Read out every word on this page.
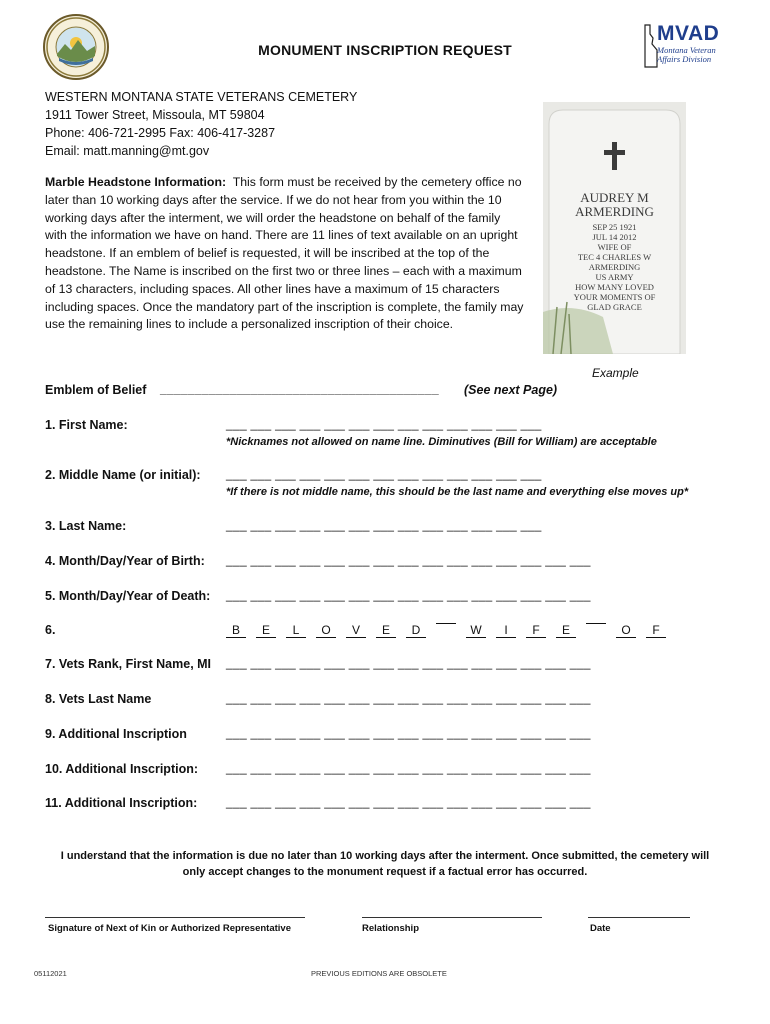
MONUMENT INSCRIPTION REQUEST
MVAD
Montana Veteran
Affairs Division
WESTERN MONTANA STATE VETERANS CEMETERY
1911 Tower Street, Missoula, MT 59804
Phone: 406-721-2995 Fax: 406-417-3287
Email: matt.manning@mt.gov
Marble Headstone Information: This form must be received by the cemetery office no later than 10 working days after the service. If we do not hear from you within the 10 working days after the interment, we will order the headstone on behalf of the family with the information we have on hand. There are 11 lines of text available on an upright headstone. If an emblem of belief is requested, it will be inscribed at the top of the headstone. The Name is inscribed on the first two or three lines – each with a maximum of 13 characters, including spaces. All other lines have a maximum of 15 characters including spaces. Once the mandatory part of the inscription is complete, the family may use the remaining lines to include a personalized inscription of their choice.
AUDREY M
ARMERDING
SEP 25 1921
JUL 14 2012
WIFE OF
TEC 4 CHARLES W
ARMERDING
US ARMY
HOW MANY LOVED
YOUR MOMENTS OF
GLAD GRACE
Example
Emblem of Belief ________________________________________ (See next Page)
1. First Name:	___ ___ ___ ___ ___ ___ ___ ___ ___ ___ ___ ___ ___
*Nicknames not allowed on name line. Diminutives (Bill for William) are acceptable
2. Middle Name (or initial): ___ ___ ___ ___ ___ ___ ___ ___ ___ ___ ___ ___ ___
*If there is not middle name, this should be the last name and everything else moves up*
3. Last Name:	___ ___ ___ ___ ___ ___ ___ ___ ___ ___ ___ ___ ___
4. Month/Day/Year of Birth: ___ ___ ___ ___ ___ ___ ___ ___ ___ ___ ___ ___ ___ ___ ___
5. Month/Day/Year of Death: ___ ___ ___ ___ ___ ___ ___ ___ ___ ___ ___ ___ ___ ___ ___
6.	B	E	L	O	V	E	D	W	I	F	E	O	F
7. Vets Rank, First Name, MI ___ ___ ___ ___ ___ ___ ___ ___ ___ ___ ___ ___ ___ ___ ___
8. Vets Last Name	___ ___ ___ ___ ___ ___ ___ ___ ___ ___ ___ ___ ___ ___ ___
9. Additional Inscription	___ ___ ___ ___ ___ ___ ___ ___ ___ ___ ___ ___ ___ ___ ___
10. Additional Inscription: ___ ___ ___ ___ ___ ___ ___ ___ ___ ___ ___ ___ ___ ___ ___
11. Additional Inscription: ___ ___ ___ ___ ___ ___ ___ ___ ___ ___ ___ ___ ___ ___ ___
I understand that the information is due no later than 10 working days after the interment. Once submitted, the cemetery will
only accept changes to the monument request if a factual error has occurred.
Signature of Next of Kin or Authorized Representative	Relationship	Date
05112021	PREVIOUS EDITIONS ARE OBSOLETE
